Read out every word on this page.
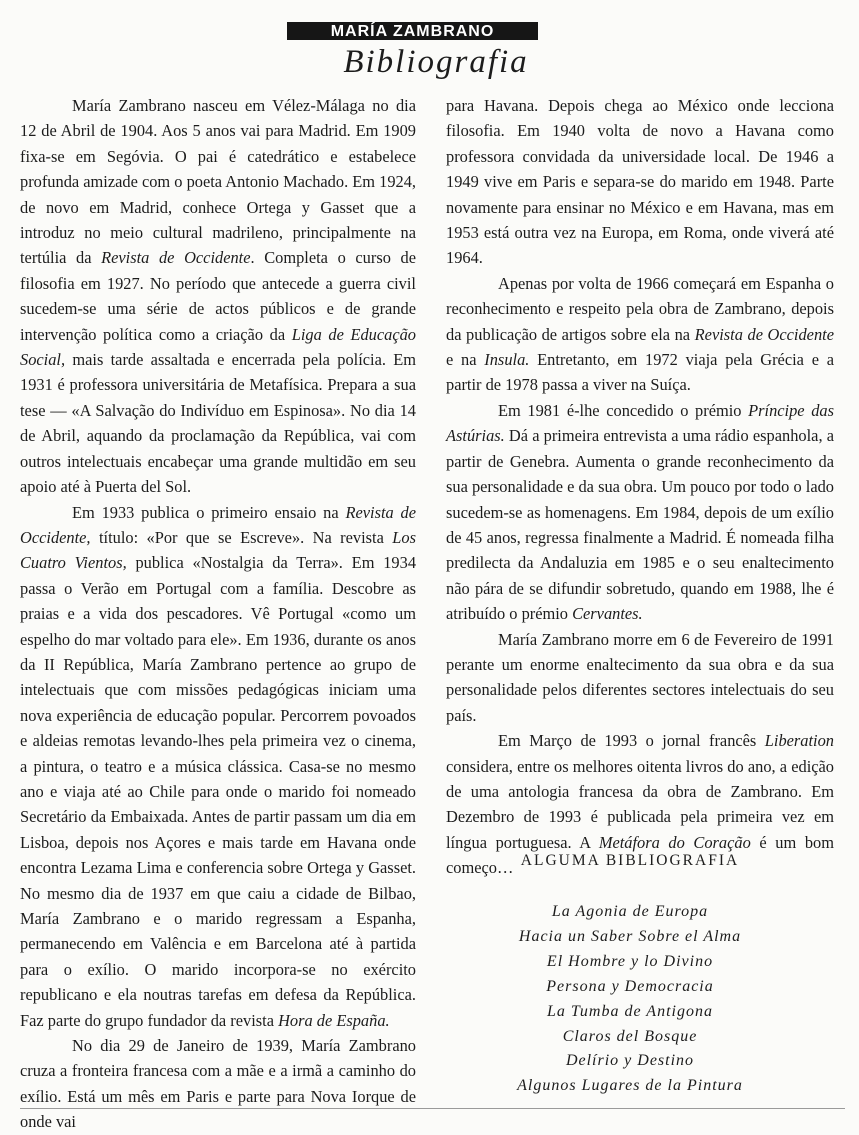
MARÍA ZAMBRANO
Bibliografia

María Zambrano nasceu em Vélez-Málaga no dia 12 de Abril de 1904. Aos 5 anos vai para Madrid. Em 1909 fixa-se em Segóvia. O pai é catedrático e estabelece profunda amizade com o poeta Antonio Machado. Em 1924, de novo em Madrid, conhece Ortega y Gasset que a introduz no meio cultural madrileno, principalmente na tertúlia da Revista de Occidente. Completa o curso de filosofia em 1927. No período que antecede a guerra civil sucedem-se uma série de actos públicos e de grande intervenção política como a criação da Liga de Educação Social, mais tarde assaltada e encerrada pela polícia. Em 1931 é professora universitária de Metafísica. Prepara a sua tese — «A Salvação do Indivíduo em Espinosa». No dia 14 de Abril, aquando da proclamação da República, vai com outros intelectuais encabeçar uma grande multidão em seu apoio até à Puerta del Sol.

Em 1933 publica o primeiro ensaio na Revista de Occidente, título: «Por que se Escreve». Na revista Los Cuatro Vientos, publica «Nostalgia da Terra». Em 1934 passa o Verão em Portugal com a família. Descobre as praias e a vida dos pescadores. Vê Portugal «como um espelho do mar voltado para ele». Em 1936, durante os anos da II República, María Zambrano pertence ao grupo de intelectuais que com missões pedagógicas iniciam uma nova experiência de educação popular. Percorrem povoados e aldeias remotas levando-lhes pela primeira vez o cinema, a pintura, o teatro e a música clássica. Casa-se no mesmo ano e viaja até ao Chile para onde o marido foi nomeado Secretário da Embaixada. Antes de partir passam um dia em Lisboa, depois nos Açores e mais tarde em Havana onde encontra Lezama Lima e conferencia sobre Ortega y Gasset. No mesmo dia de 1937 em que caiu a cidade de Bilbao, María Zambrano e o marido regressam a Espanha, permanecendo em Valência e em Barcelona até à partida para o exílio. O marido incorpora-se no exército republicano e ela noutras tarefas em defesa da República. Faz parte do grupo fundador da revista Hora de España.

No dia 29 de Janeiro de 1939, María Zambrano cruza a fronteira francesa com a mãe e a irmã a caminho do exílio. Está um mês em Paris e parte para Nova Iorque de onde vai

para Havana. Depois chega ao México onde lecciona filosofia. Em 1940 volta de novo a Havana como professora convidada da universidade local. De 1946 a 1949 vive em Paris e separa-se do marido em 1948. Parte novamente para ensinar no México e em Havana, mas em 1953 está outra vez na Europa, em Roma, onde viverá até 1964.

Apenas por volta de 1966 começará em Espanha o reconhecimento e respeito pela obra de Zambrano, depois da publicação de artigos sobre ela na Revista de Occidente e na Insula. Entretanto, em 1972 viaja pela Grécia e a partir de 1978 passa a viver na Suíça.

Em 1981 é-lhe concedido o prémio Príncipe das Astúrias. Dá a primeira entrevista a uma rádio espanhola, a partir de Genebra. Aumenta o grande reconhecimento da sua personalidade e da sua obra. Um pouco por todo o lado sucedem-se as homenagens. Em 1984, depois de um exílio de 45 anos, regressa finalmente a Madrid. É nomeada filha predilecta da Andaluzia em 1985 e o seu enaltecimento não pára de se difundir sobretudo, quando em 1988, lhe é atribuído o prémio Cervantes.

María Zambrano morre em 6 de Fevereiro de 1991 perante um enorme enaltecimento da sua obra e da sua personalidade pelos diferentes sectores intelectuais do seu país.

Em Março de 1993 o jornal francês Liberation considera, entre os melhores oitenta livros do ano, a edição de uma antologia francesa da obra de Zambrano. Em Dezembro de 1993 é publicada pela primeira vez em língua portuguesa. A Metáfora do Coração é um bom começo… ALGUMA BIBLIOGRAFIA
La Agonia de Europa
Hacia un Saber Sobre el Alma
El Hombre y lo Divino
Persona y Democracia
La Tumba de Antigona
Claros del Bosque
Delírio y Destino
Algunos Lugares de la Pintura
